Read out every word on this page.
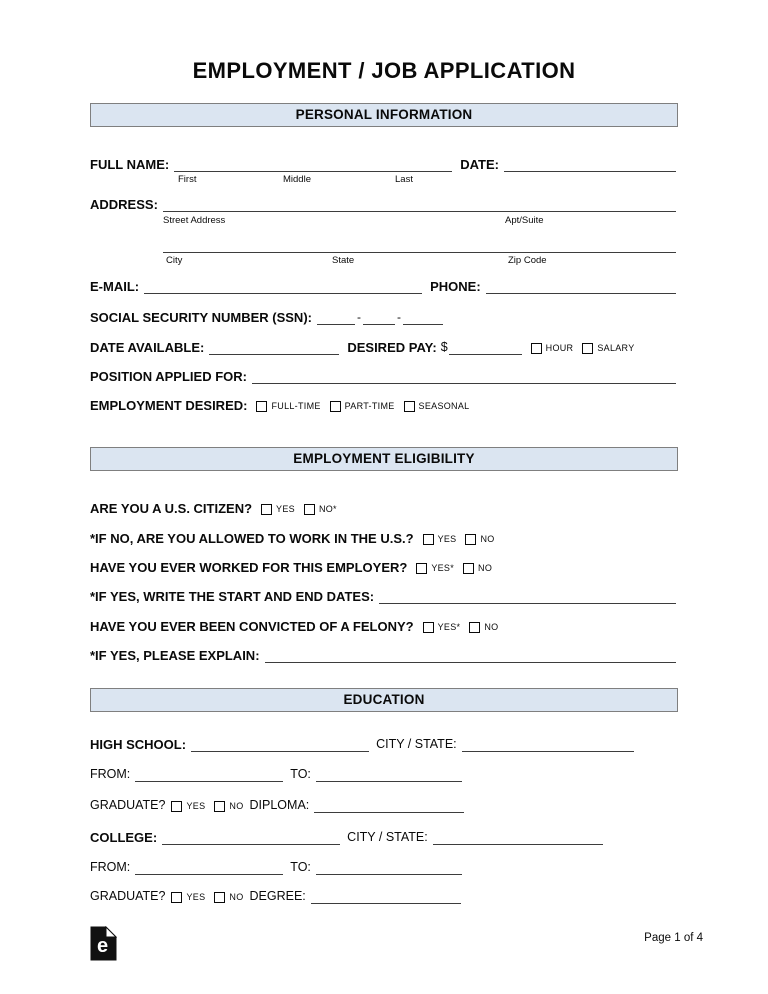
EMPLOYMENT / JOB APPLICATION
PERSONAL INFORMATION
FULL NAME:	DATE:
First	Middle	Last
ADDRESS:
Street Address	Apt/Suite
City	State	Zip Code
E-MAIL:	PHONE:
SOCIAL SECURITY NUMBER (SSN):	-	-
DATE AVAILABLE:	DESIRED PAY: $	HOUR	SALARY
POSITION APPLIED FOR:
EMPLOYMENT DESIRED:	FULL-TIME	PART-TIME	SEASONAL
EMPLOYMENT ELIGIBILITY
ARE YOU A U.S. CITIZEN?	YES	NO*
*IF NO, ARE YOU ALLOWED TO WORK IN THE U.S.?	YES	NO
HAVE YOU EVER WORKED FOR THIS EMPLOYER?	YES*	NO
*IF YES, WRITE THE START AND END DATES:
HAVE YOU EVER BEEN CONVICTED OF A FELONY?	YES*	NO
*IF YES, PLEASE EXPLAIN:
EDUCATION
HIGH SCHOOL:	CITY / STATE:
FROM:	TO:
GRADUATE? YES	NO DIPLOMA:
COLLEGE:	CITY / STATE:
FROM:	TO:
GRADUATE? YES	NO DEGREE:
e	Page 1 of 4
